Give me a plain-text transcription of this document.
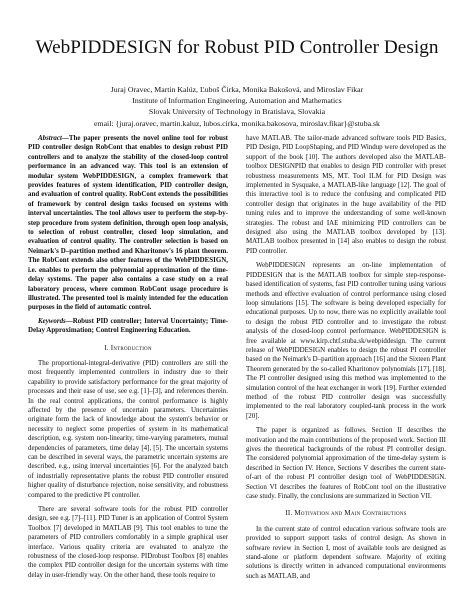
WebPIDDESIGN for Robust PID Controller Design
Juraj Oravec, Martin Kalúz, Ľuboš Čirka, Monika Bakošová, and Miroslav Fikar
Institute of Information Engineering, Automation and Mathematics
Slovak University of Technology in Bratislava, Slovakia
email: {juraj.oravec, martin.kaluz, lubos.cirka, monika.bakosova, miroslav.fikar}@stuba.sk

Abstract—The paper presents the novel online tool for robust PID controller design RobCont that enables to design robust PID controllers and to analyze the stability of the closed-loop control performance in an advanced way. This tool is an extension of modular system WebPIDDESIGN, a complex framework that provides features of system identification, PID controller design, and evaluation of control quality. RobCont extends the possibilities of framework by control design tasks focused on systems with interval uncertainties. The tool allows user to perform the step-by-step procedure from system definition, through open loop analysis, to selection of robust controller, closed loop simulation, and evaluation of control quality. The controller selection is based on Neimark's D–partition method and Kharitonov's 16 plant theorem. The RobCont extends also other features of the WebPIDDESIGN, i.e. enables to perform the polynomial approximation of the time-delay systems. The paper also contains a case study on a real laboratory process, where common RobCont usage procedure is illustrated. The presented tool is mainly intended for the education purposes in the field of automatic control.

Keywords—Robust PID controller; Interval Uncertainty; Time-Delay Approximation; Control Engineering Education.

I. Introduction

The proportional-integral-derivative (PID) controllers are still the most frequently implemented controllers in industry due to their capability to provide satisfactory performance for the great majority of processes and their ease of use, see e.g. [1]–[3], and references therein. In the real control applications, the control performance is highly affected by the presence of uncertain parameters. Uncertainties originate form the lack of knowledge about the system's behavior or necessity to neglect some properties of system in its mathematical description, e.g. system non-linearity, time-varying parameters, mutual dependencies of parameters, time delay [4], [5]. The uncertain systems can be described in several ways, the parametric uncertain systems are described, e.g., using interval uncertainties [6]. For the analyzed batch of industrially representative plants the robust PID controller ensured higher quality of disturbance rejection, noise sensitivity, and robustness compared to the predictive PI controller.

There are several software tools for the robust PID controller design, see e.g. [7]–[11]. PID Tuner is an application of Control System Toolbox [7] developed in MATLAB [9]. This tool enables to tune the parameters of PID controllers comfortably in a simple graphical user interface. Various quality criteria are evaluated to analyze the robustness of the closed-loop response. PIDrobust Toolbox [8] enables the complex PID controller design for the uncertain systems with time delay in user-friendly way. On the other hand, these tools require to

have MATLAB. The tailor-made advanced software tools PID Basics, PID Design, PID LoopShaping, and PID Windup were developed as the support of the book [10]. The authors developed also the MATLAB-toolbox DESIGNPID that enables to design PID controller with preset robustness measurements MS, MT. Tool ILM for PID Design was implemented in Sysquake, a MATLAB-like language [12]. The goal of this interactive tool is to reduce the confusing and complicated PID controller design that originates in the huge availability of the PID tuning rules and to improve the understanding of some well-known strategies. The robust and IAE minimizing PID controllers can be designed also using the MATLAB toolbox developed by [13]. MATLAB toolbox presented in [14] also enables to design the robust PID controller.

WebPIDDESIGN represents an on-line implementation of PIDDESIGN that is the MATLAB toolbox for simple step-response-based identification of systems, fast PID controller tuning using various methods and effective evaluation of control performance using closed loop simulations [15]. The software is being developed especially for educational purposes. Up to now, there was no explicitly available tool to design the robust PID controller and to investigate the robust analysis of the closed-loop control performance. WebPIDDESIGN is free available at www.kirp.chtf.stuba.sk/webpiddesign. The current release of WebPIDDESIGN enables to design the robust PI controller based on the Neimark's D–partition approach [16] and the Sixteen Plant Theorem generated by the so-called Kharitonov polynomials [17], [18]. The PI controller designed using this method was implemented to the simulation control of the heat exchanger in work [19]. Further extended method of the robust PID controller design was successfully implemented to the real laboratory coupled-tank process in the work [20].

The paper is organized as follows. Section II describes the motivation and the main contributions of the proposed work. Section III gives the theoretical backgrounds of the robust PI controller design. The considered polynomial approximation of the time-delay system is described in Section IV. Hence, Sections V describes the current state-of-art of the robust PI controller design tool of WebPIDDESIGN. Section VI describes the features of RobCont tool on the illustrative case study. Finally, the conclusions are summarized in Section VII.

II. Motivation and Main Contributions

In the current state of control education various software tools are provided to support support tasks of control design. As shown in software review in Section I, most of available tools are designed as stand-alone or platform dependent software. Majority of exiting solutions is directly written in advanced computational environments such as MATLAB, and
